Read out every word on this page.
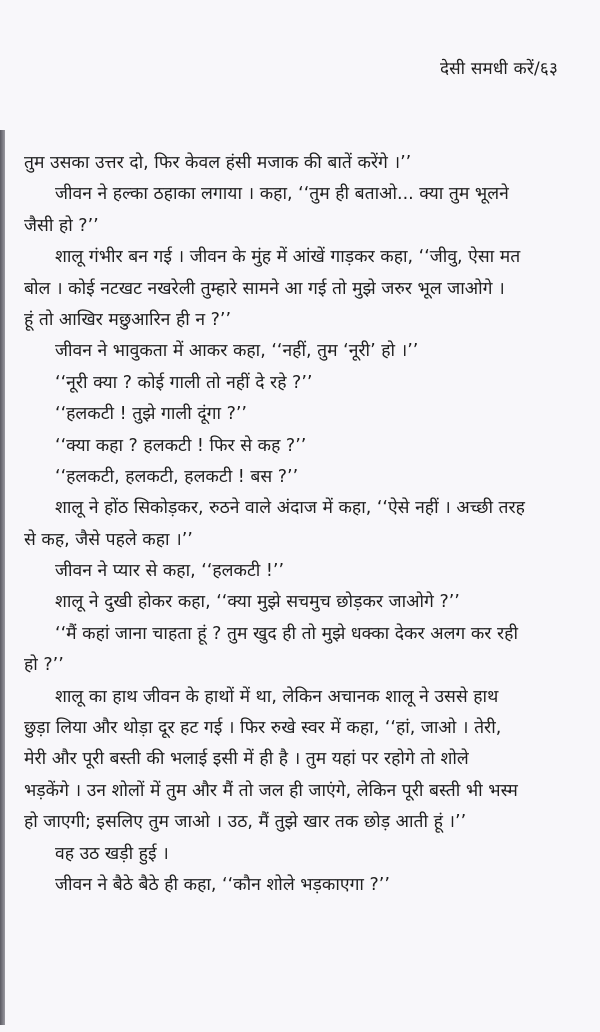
देसी समधी करें/६३
तुम उसका उत्तर दो, फिर केवल हंसी मजाक की बातें करेंगे ।’’
जीवन ने हल्का ठहाका लगाया । कहा, ‘‘तुम ही बताओ... क्या तुम भूलने
जैसी हो ?’’
शालू गंभीर बन गई । जीवन के मुंह में आंखें गाड़कर कहा, ‘‘जीवु, ऐसा मत
बोल । कोई नटखट नखरेली तुम्हारे सामने आ गई तो मुझे जरुर भूल जाओगे ।
हूं तो आखिर मछुआरिन ही न ?’’
जीवन ने भावुकता में आकर कहा, ‘‘नहीं, तुम ‘नूरी’ हो ।’’
‘‘नूरी क्या ? कोई गाली तो नहीं दे रहे ?’’
‘‘हलकटी ! तुझे गाली दूंगा ?’’
‘‘क्या कहा ? हलकटी ! फिर से कह ?’’
‘‘हलकटी, हलकटी, हलकटी ! बस ?’’
शालू ने होंठ सिकोड़कर, रुठने वाले अंदाज में कहा, ‘‘ऐसे नहीं । अच्छी तरह
से कह, जैसे पहले कहा ।’’
जीवन ने प्यार से कहा, ‘‘हलकटी !’’
शालू ने दुखी होकर कहा, ‘‘क्या मुझे सचमुच छोड़कर जाओगे ?’’
‘‘मैं कहां जाना चाहता हूं ? तुम खुद ही तो मुझे धक्का देकर अलग कर रही
हो ?’’
शालू का हाथ जीवन के हाथों में था, लेकिन अचानक शालू ने उससे हाथ
छुड़ा लिया और थोड़ा दूर हट गई । फिर रुखे स्वर में कहा, ‘‘हां, जाओ । तेरी,
मेरी और पूरी बस्ती की भलाई इसी में ही है । तुम यहां पर रहोगे तो शोले
भड़केंगे । उन शोलों में तुम और मैं तो जल ही जाएंगे, लेकिन पूरी बस्ती भी भस्म
हो जाएगी; इसलिए तुम जाओ । उठ, मैं तुझे खार तक छोड़ आती हूं ।’’
वह उठ खड़ी हुई ।
जीवन ने बैठे बैठे ही कहा, ‘‘कौन शोले भड़काएगा ?’’
